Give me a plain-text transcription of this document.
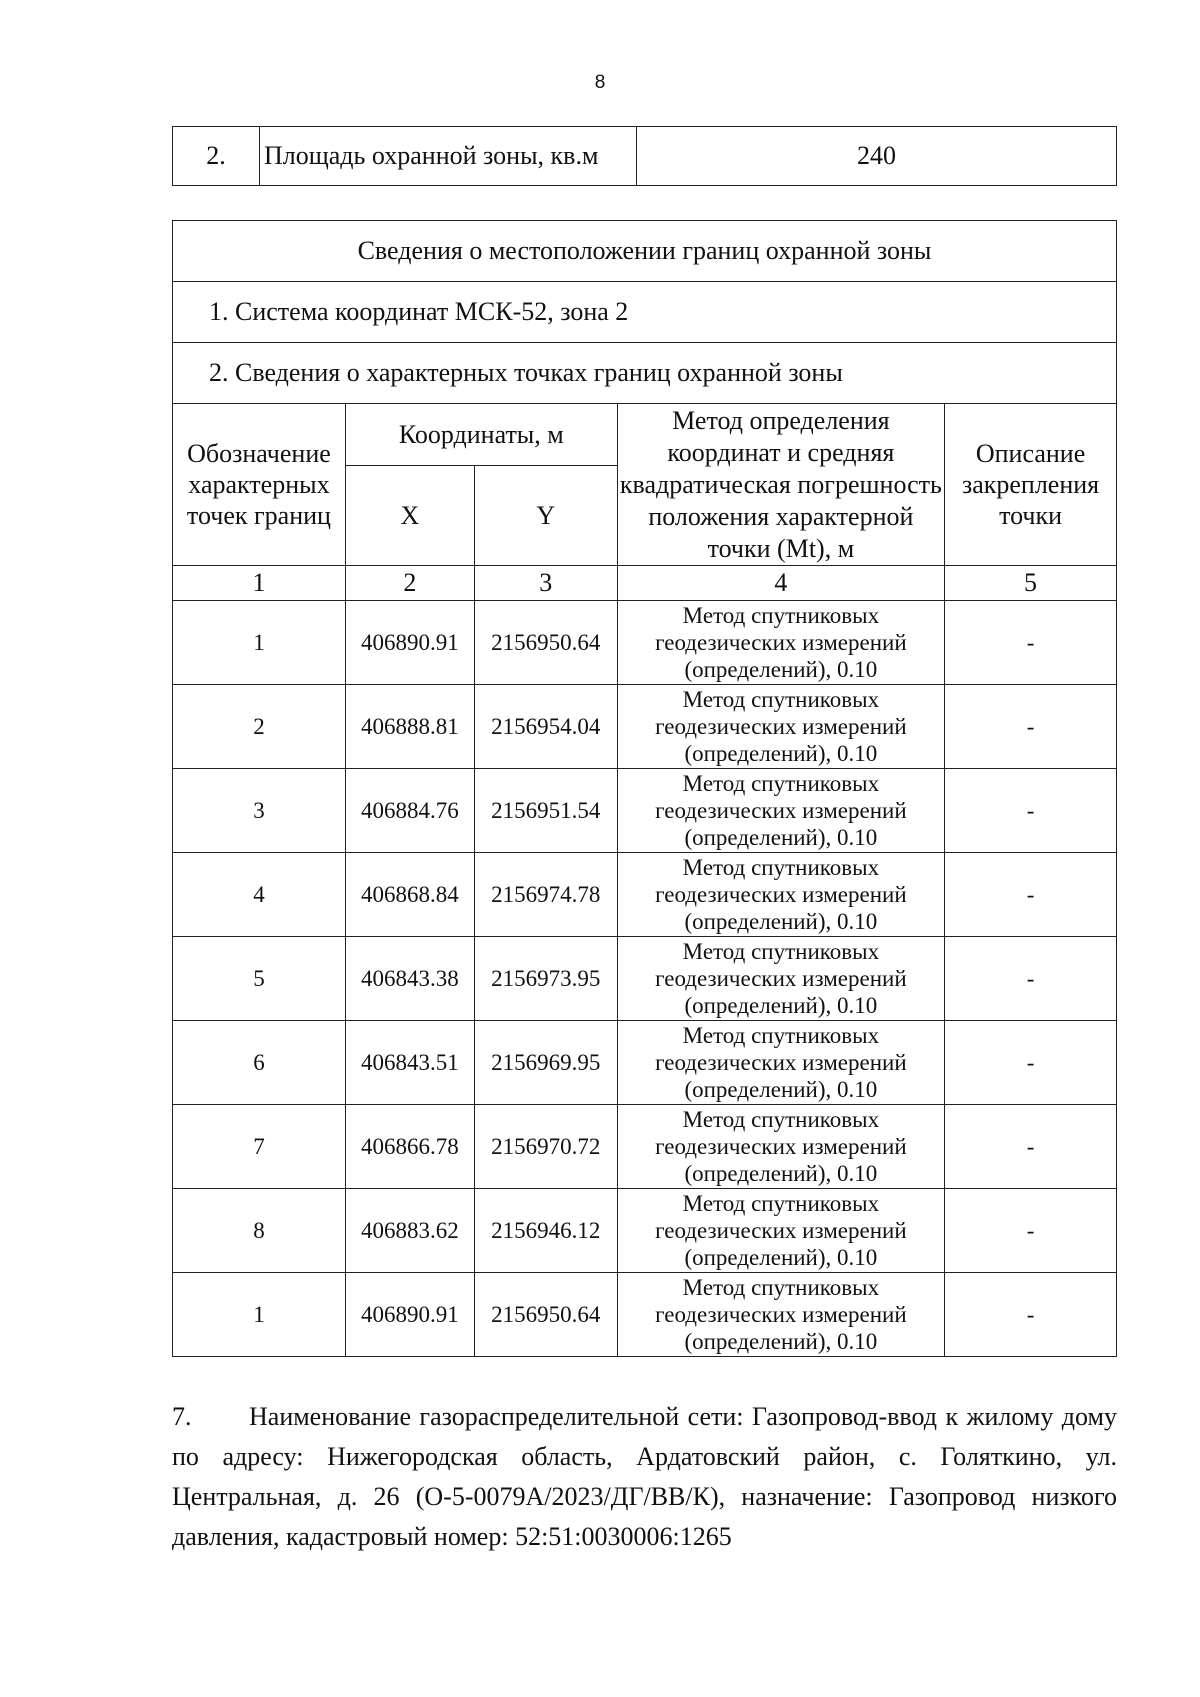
8
2.	Площадь охранной зоны, кв.м	240
Сведения о местоположении границ охранной зоны				
1. Система координат МСК-52, зона 2				
2. Сведения о характерных точках границ охранной зоны				
Обозначение характерных точек границ	Координаты, м		Метод определения координат и средняя квадратическая погрешность положения характерной точки (Mt), м	Описание закрепления точки
	X	Y		
1	2	3	4	5
1	406890.91	2156950.64	Метод спутниковых геодезических измерений (определений), 0.10	-
2	406888.81	2156954.04	Метод спутниковых геодезических измерений (определений), 0.10	-
3	406884.76	2156951.54	Метод спутниковых геодезических измерений (определений), 0.10	-
4	406868.84	2156974.78	Метод спутниковых геодезических измерений (определений), 0.10	-
5	406843.38	2156973.95	Метод спутниковых геодезических измерений (определений), 0.10	-
6	406843.51	2156969.95	Метод спутниковых геодезических измерений (определений), 0.10	-
7	406866.78	2156970.72	Метод спутниковых геодезических измерений (определений), 0.10	-
8	406883.62	2156946.12	Метод спутниковых геодезических измерений (определений), 0.10	-
1	406890.91	2156950.64	Метод спутниковых геодезических измерений (определений), 0.10	-
7. Наименование газораспределительной сети: Газопровод-ввод к жилому дому по адресу: Нижегородская область, Ардатовский район, с. Голяткино, ул. Центральная, д. 26 (О-5-0079А/2023/ДГ/ВВ/К), назначение: Газопровод низкого давления, кадастровый номер: 52:51:0030006:1265
